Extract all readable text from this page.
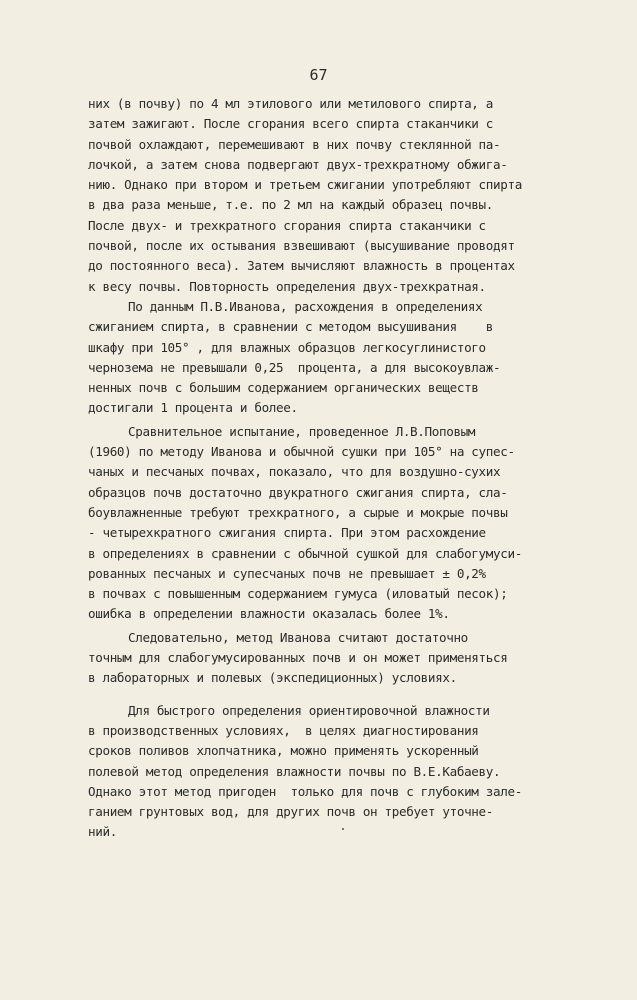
67
них (в почву) по 4 мл этилового или метилового спирта, а
затем зажигают. После сгорания всего спирта стаканчики с
почвой охлаждают, перемешивают в них почву стеклянной па-
лочкой, а затем снова подвергают двух-трехкратному обжига-
нию. Однако при втором и третьем сжигании употребляют спирта
в два раза меньше, т.е. по 2 мл на каждый образец почвы.
После двух- и трехкратного сгорания спирта стаканчики с
почвой, после их остывания взвешивают (высушивание проводят
до постоянного веса). Затем вычисляют влажность в процентах
к весу почвы. Повторность определения двух-трехкратная.
По данным П.В.Иванова, расхождения в определениях
сжиганием спирта, в сравнении с методом высушивания    в
шкафу при 105° , для влажных образцов легкосуглинистого
черноземa не превышали 0,25  процента, а для высокоувлаж-
ненных почв с большим содержанием органических веществ
достигали 1 процента и более.
Сравнительное испытание, проведенное Л.В.Поповым
(1960) по методу Иванова и обычной сушки при 105° на супес-
чаных и песчаных почвах, показало, что для воздушно-сухих
образцов почв достаточно двукратного сжигания спирта, сла-
боувлажненные требуют трехкратного, а сырые и мокрые почвы
- четырехкратного сжигания спирта. При этом расхождение
в определениях в сравнении с обычной сушкой для слабогумуси-
рованных песчаных и супесчаных почв не превышает ± 0,2%
в почвах с повышенным содержанием гумуса (иловатый песок);
ошибка в определении влажности оказалась более 1%.
Следовательно, метод Иванова считают достаточно
точным для слабогумусированных почв и он может применяться
в лабораторных и полевых (экспедиционных) условиях.
Для быстрого определения ориентировочной влажности
в производственных условиях,  в целях диагностирования
сроков поливов хлопчатника, можно применять ускоренный
полевой метод определения влажности почвы по В.Е.Кабаеву.
Однако этот метод пригоден  только для почв с глубоким зале-
ганием грунтовых вод, для других почв он требует уточне-
ний.
